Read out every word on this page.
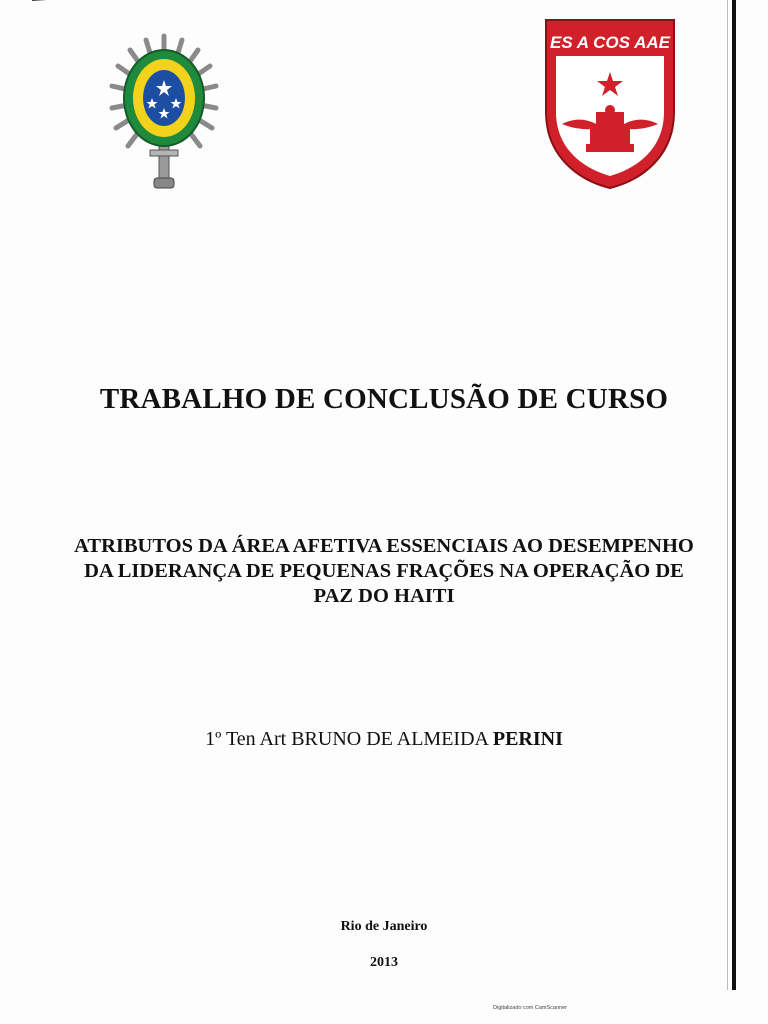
ES A COS AAE
TRABALHO DE CONCLUSÃO DE CURSO
ATRIBUTOS DA ÁREA AFETIVA ESSENCIAIS AO DESEMPENHO
DA LIDERANÇA DE PEQUENAS FRAÇÕES NA OPERAÇÃO DE
PAZ DO HAITI
1º Ten Art BRUNO DE ALMEIDA PERINI
Rio de Janeiro
2013
Digitalizado com CamScanner
